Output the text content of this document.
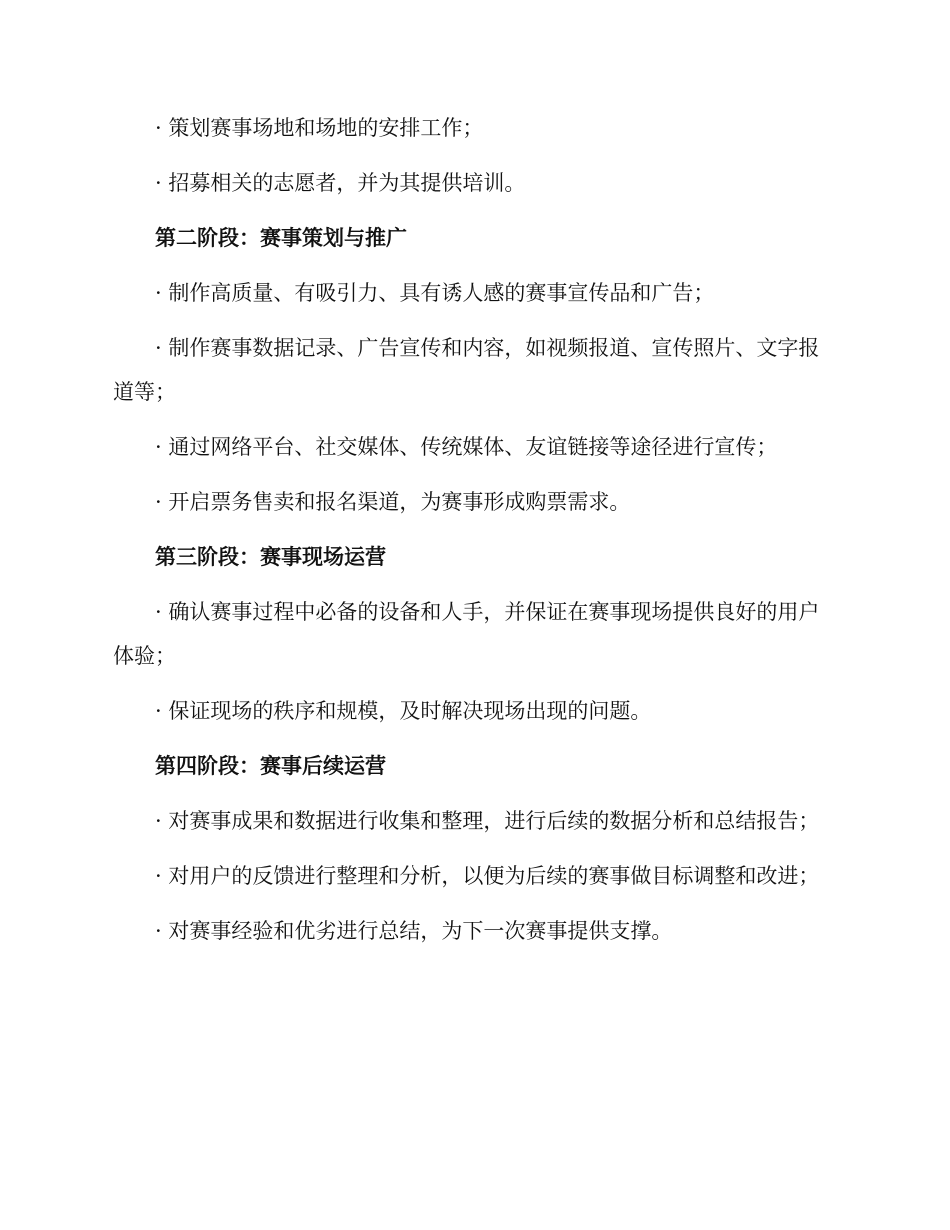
· 策划赛事场地和场地的安排工作；

· 招募相关的志愿者，并为其提供培训。

第二阶段：赛事策划与推广

· 制作高质量、有吸引力、具有诱人感的赛事宣传品和广告；

· 制作赛事数据记录、广告宣传和内容，如视频报道、宣传照片、文字报道等；

· 通过网络平台、社交媒体、传统媒体、友谊链接等途径进行宣传；

· 开启票务售卖和报名渠道，为赛事形成购票需求。

第三阶段：赛事现场运营

· 确认赛事过程中必备的设备和人手，并保证在赛事现场提供良好的用户体验；

· 保证现场的秩序和规模，及时解决现场出现的问题。

第四阶段：赛事后续运营

· 对赛事成果和数据进行收集和整理，进行后续的数据分析和总结报告；

· 对用户的反馈进行整理和分析，以便为后续的赛事做目标调整和改进；

· 对赛事经验和优劣进行总结，为下一次赛事提供支撑。
